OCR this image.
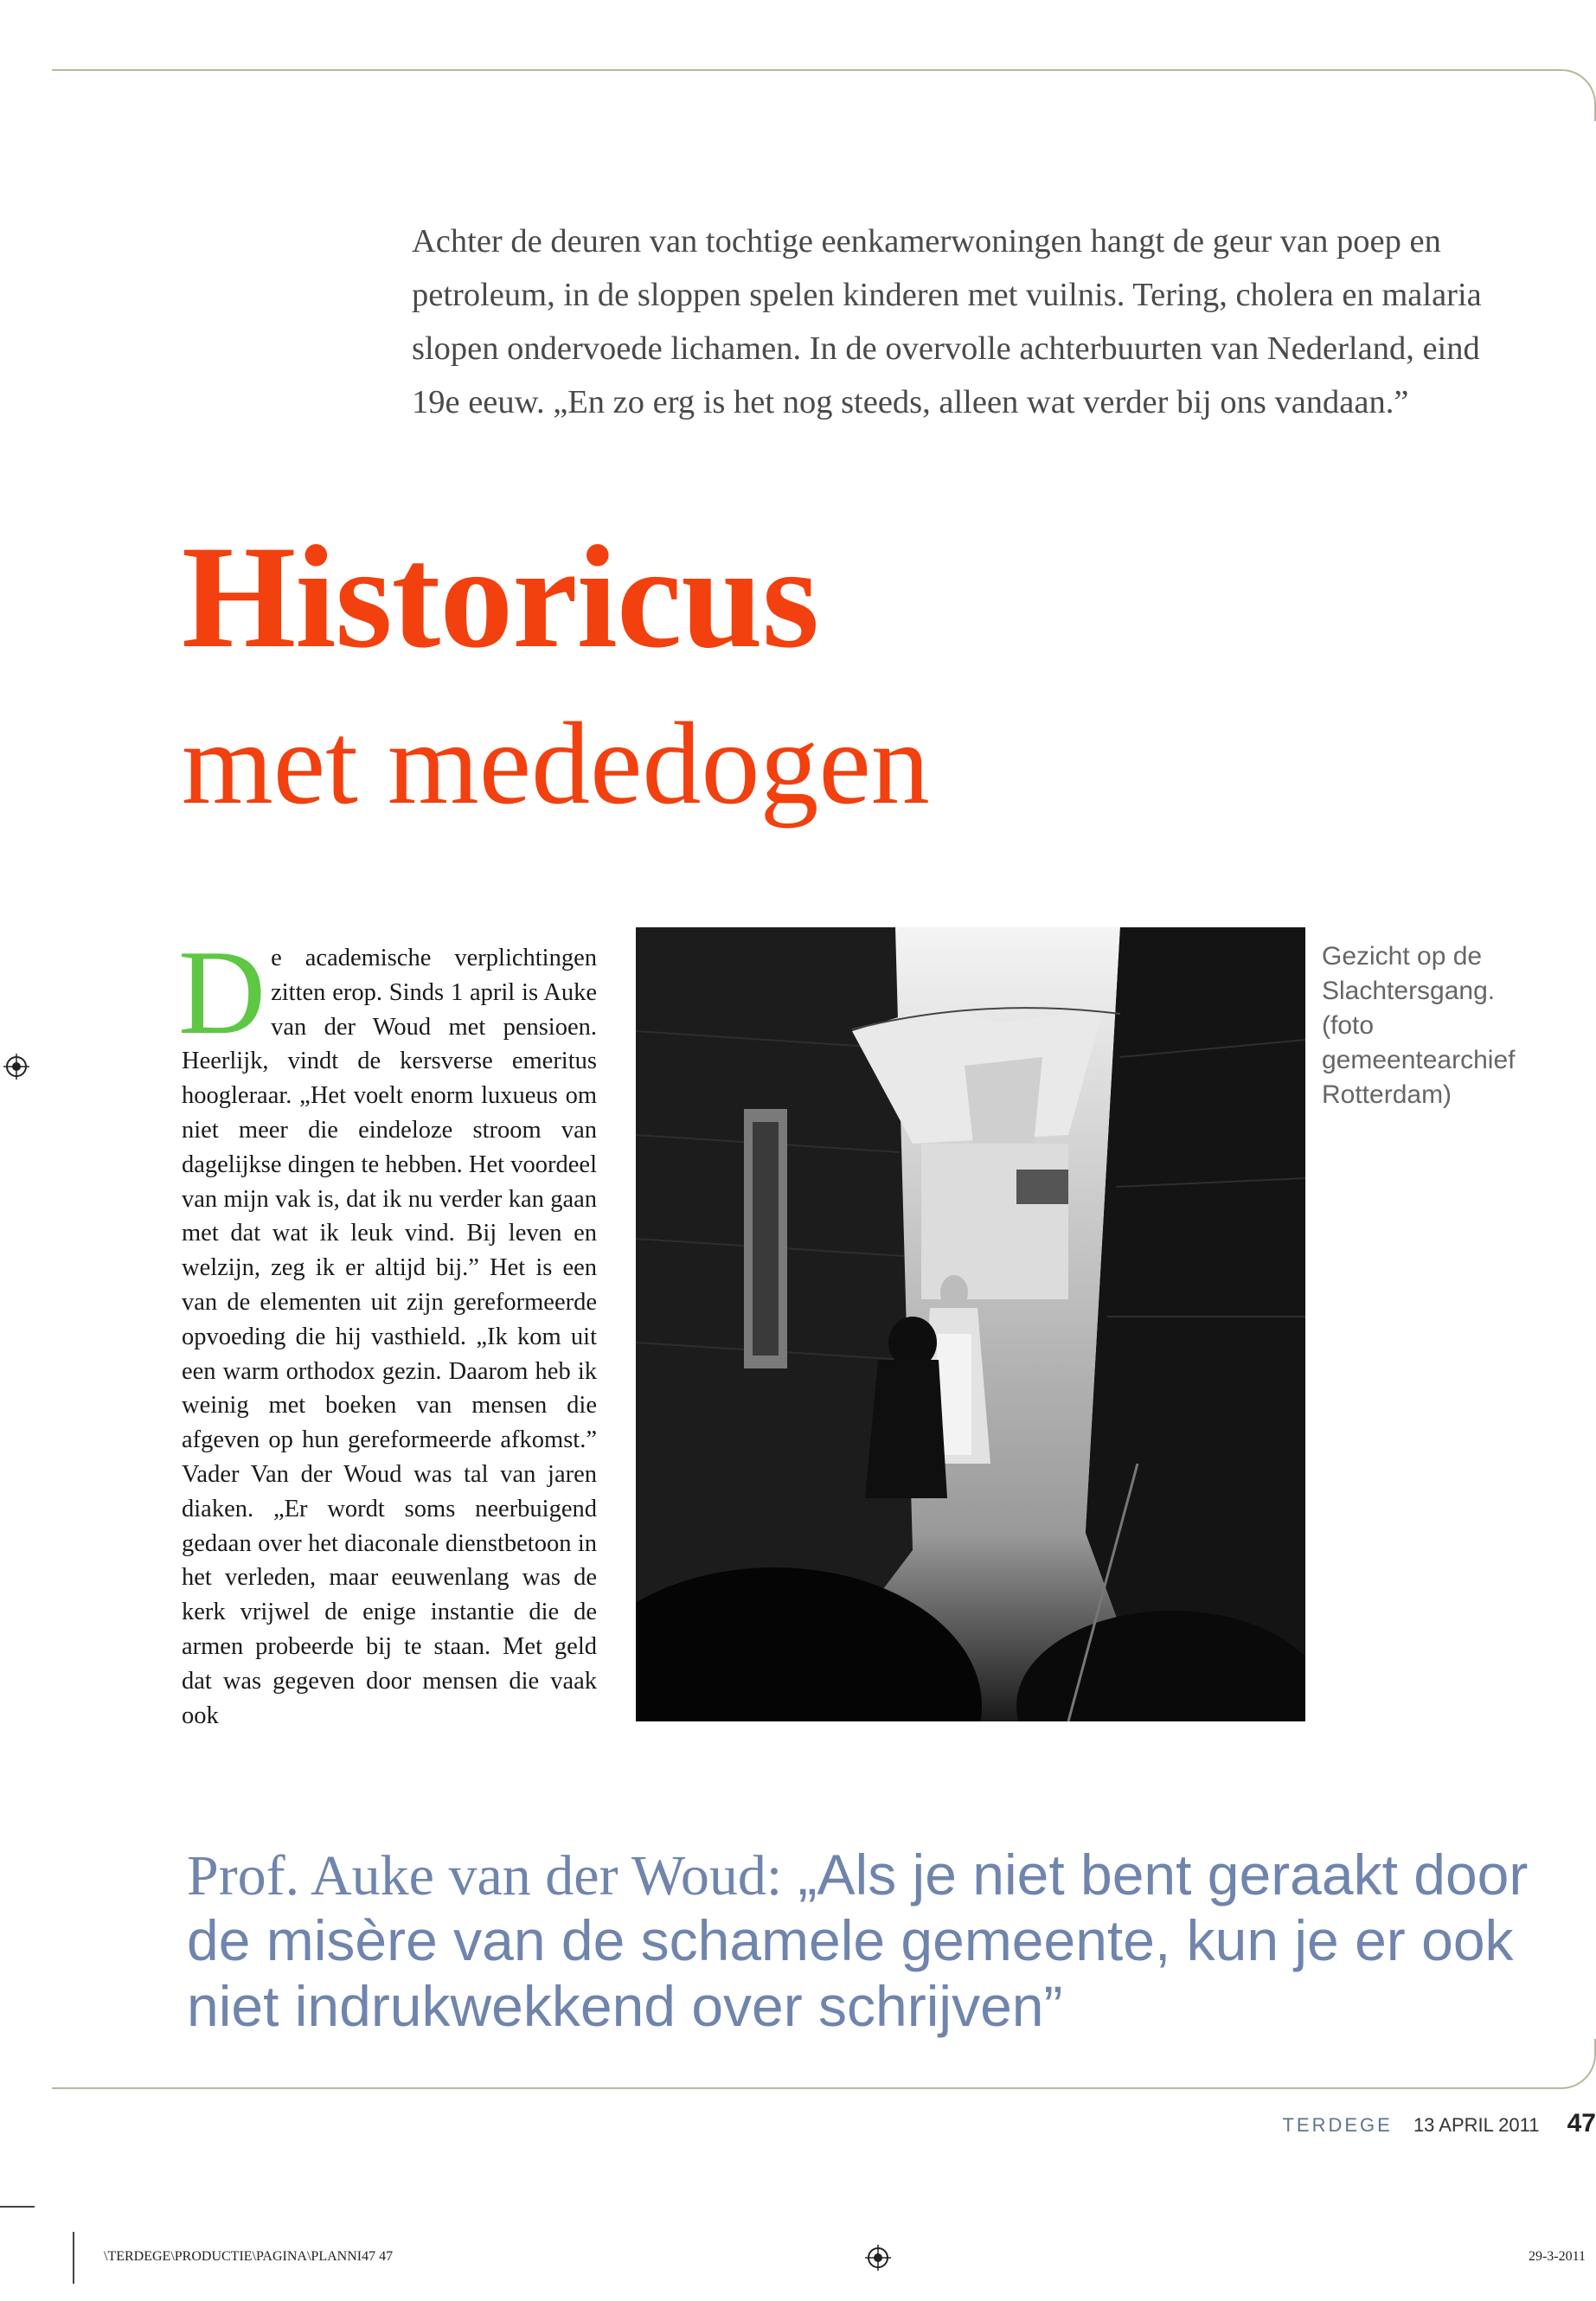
Achter de deuren van tochtige eenkamerwoningen hangt de geur van poep en petroleum, in de sloppen spelen kinderen met vuilnis. Tering, cholera en malaria slopen ondervoede lichamen. In de overvolle achterbuurten van Nederland, eind 19e eeuw. „En zo erg is het nog steeds, alleen wat verder bij ons vandaan.”

Historicus
met mededogen
D e academische verplichtingen zitten erop. Sinds 1 april is Auke van der Woud met pensioen. Heerlijk, vindt de kersverse emeritus hoogleraar. „Het voelt enorm luxueus om niet meer die eindeloze stroom van dagelijkse dingen te hebben. Het voordeel van mijn vak is, dat ik nu verder kan gaan met dat wat ik leuk vind. Bij leven en welzijn, zeg ik er altijd bij.” Het is een van de elementen uit zijn gereformeerde opvoeding die hij vasthield. „Ik kom uit een warm orthodox gezin. Daarom heb ik weinig met boeken van mensen die afgeven op hun gereformeerde afkomst.” Vader Van der Woud was tal van jaren diaken. „Er wordt soms neerbuigend gedaan over het diaconale dienstbetoon in het verleden, maar eeuwenlang was de kerk vrijwel de enige instantie die de armen probeerde bij te staan. Met geld dat was gegeven door mensen die vaak ook

Gezicht op de Slachtersgang. (foto gemeentearchief Rotterdam)

Prof. Auke van der Woud: „Als je niet bent geraakt door de misère van de schamele gemeente, kun je er ook niet indrukwekkend over schrijven”
TERDEGE 13 APRIL 2011 47
\TERDEGE\PRODUCTIE\PAGINA\PLANNI47 47	29-3-2011
